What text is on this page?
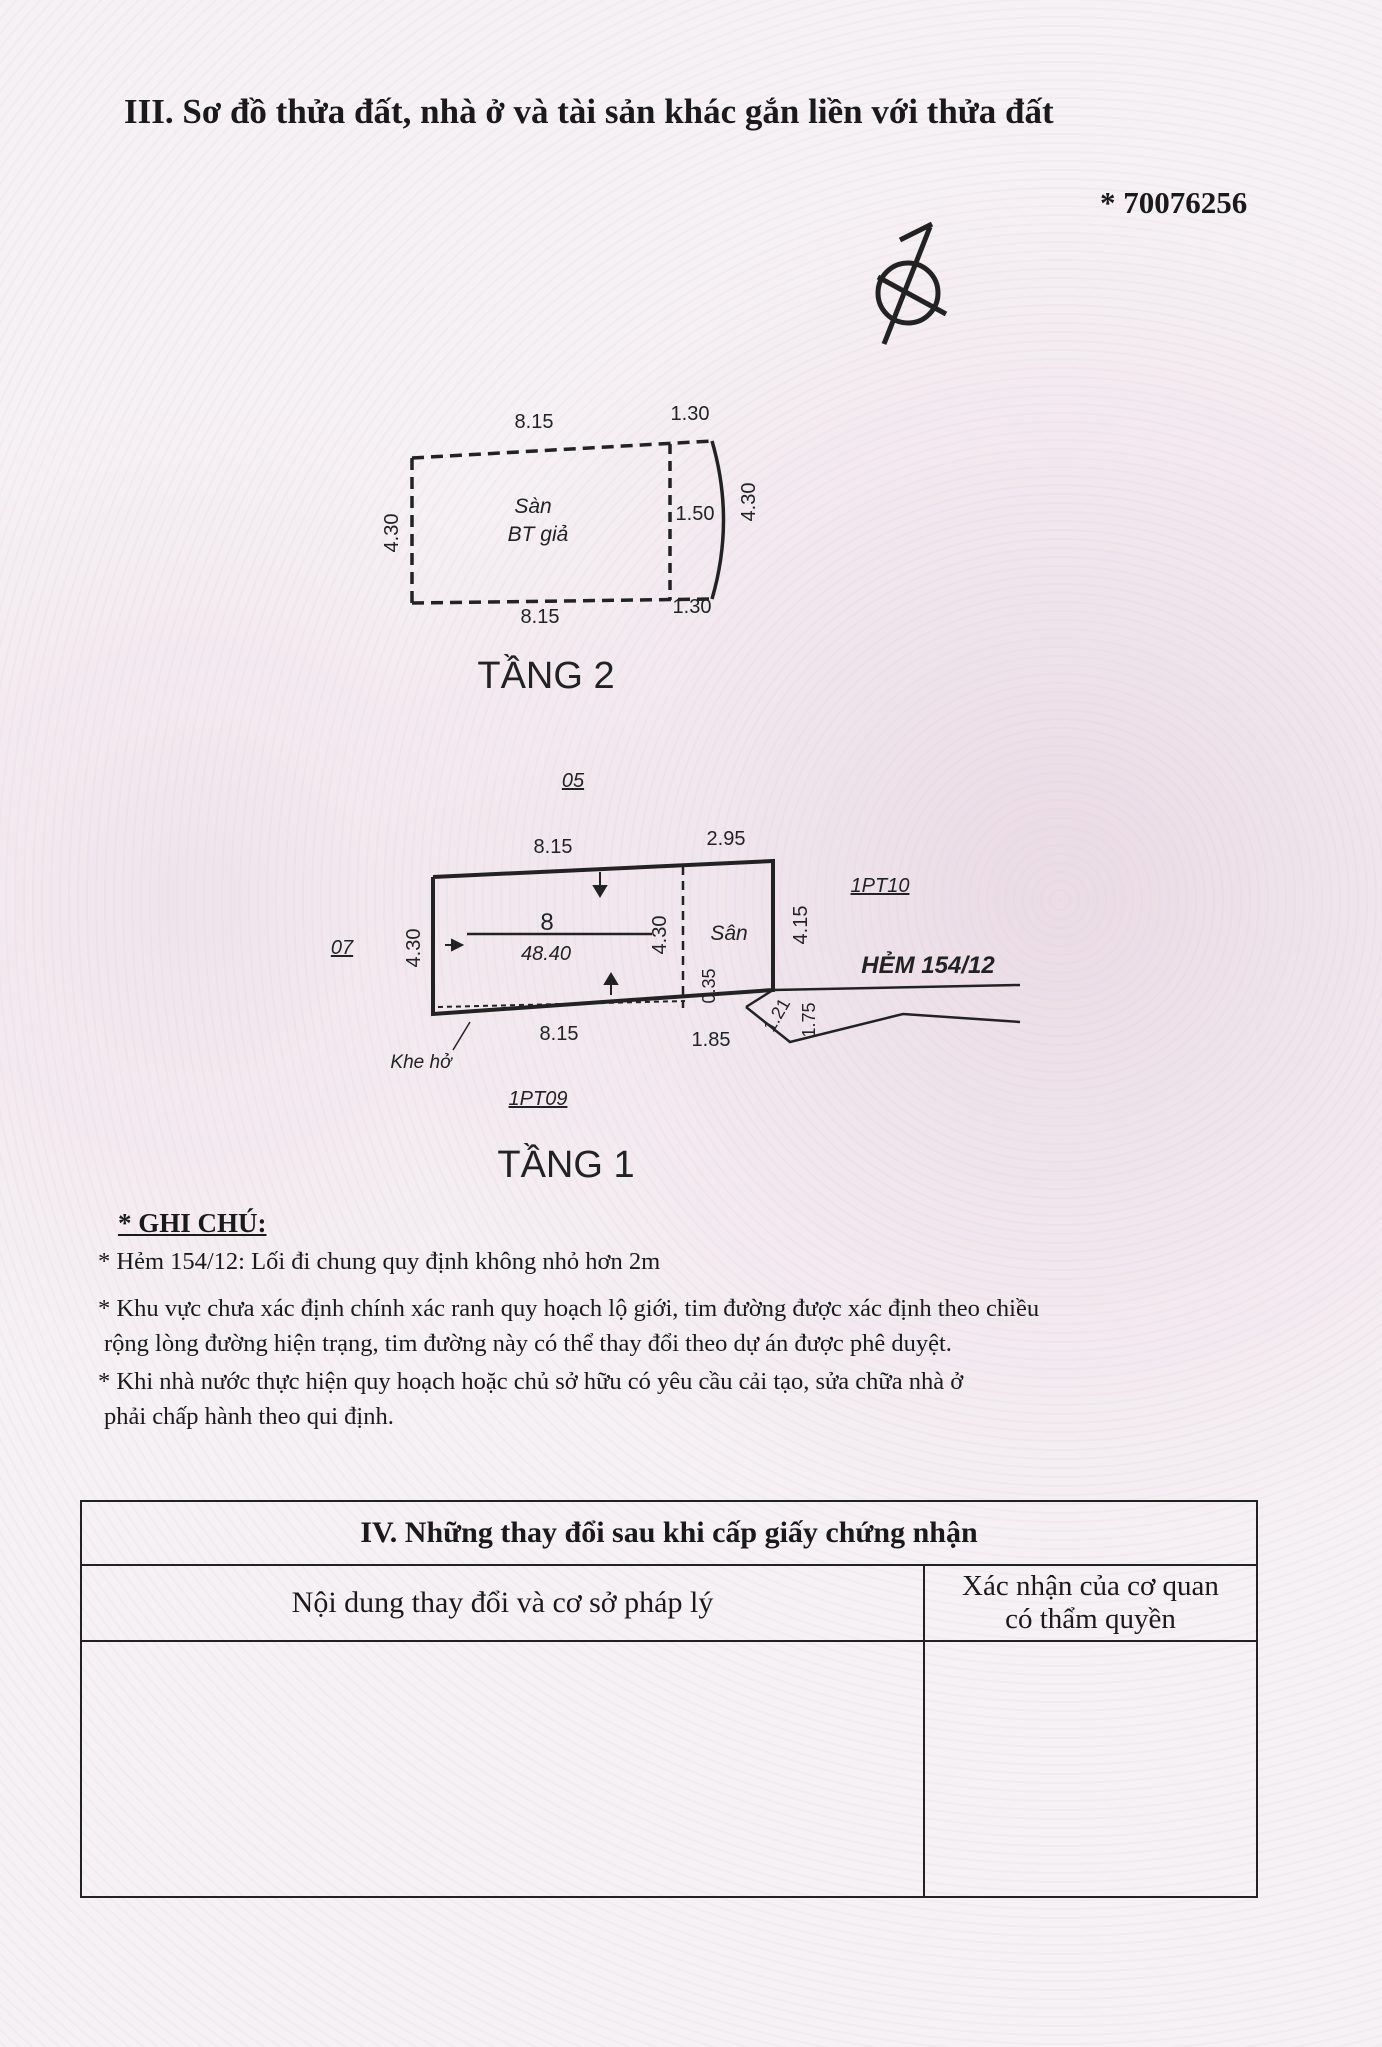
III. Sơ đồ thửa đất, nhà ở và tài sản khác gắn liền với thửa đất
* 70076256
8.15	1.30
8.15	1.30
4.30
4.30
1.50
Sàn
BT giả
TẦNG 2
05
8.15	2.95
07 4.30
8
48.40	4.30 Sân 4.15
0.35
1.21 1.75
1PT10
HẺM 154/12
8.15	1.85
Khe hở
1PT09
TẦNG 1
* GHI CHÚ:
* Hẻm 154/12: Lối đi chung quy định không nhỏ hơn 2m
* Khu vực chưa xác định chính xác ranh quy hoạch lộ giới, tim đường được xác định theo chiều
rộng lòng đường hiện trạng, tim đường này có thể thay đổi theo dự án được phê duyệt.
* Khi nhà nước thực hiện quy hoạch hoặc chủ sở hữu có yêu cầu cải tạo, sửa chữa nhà ở
phải chấp hành theo qui định.
IV. Những thay đổi sau khi cấp giấy chứng nhận
Nội dung thay đổi và cơ sở pháp lý
Xác nhận của cơ quan
có thẩm quyền
